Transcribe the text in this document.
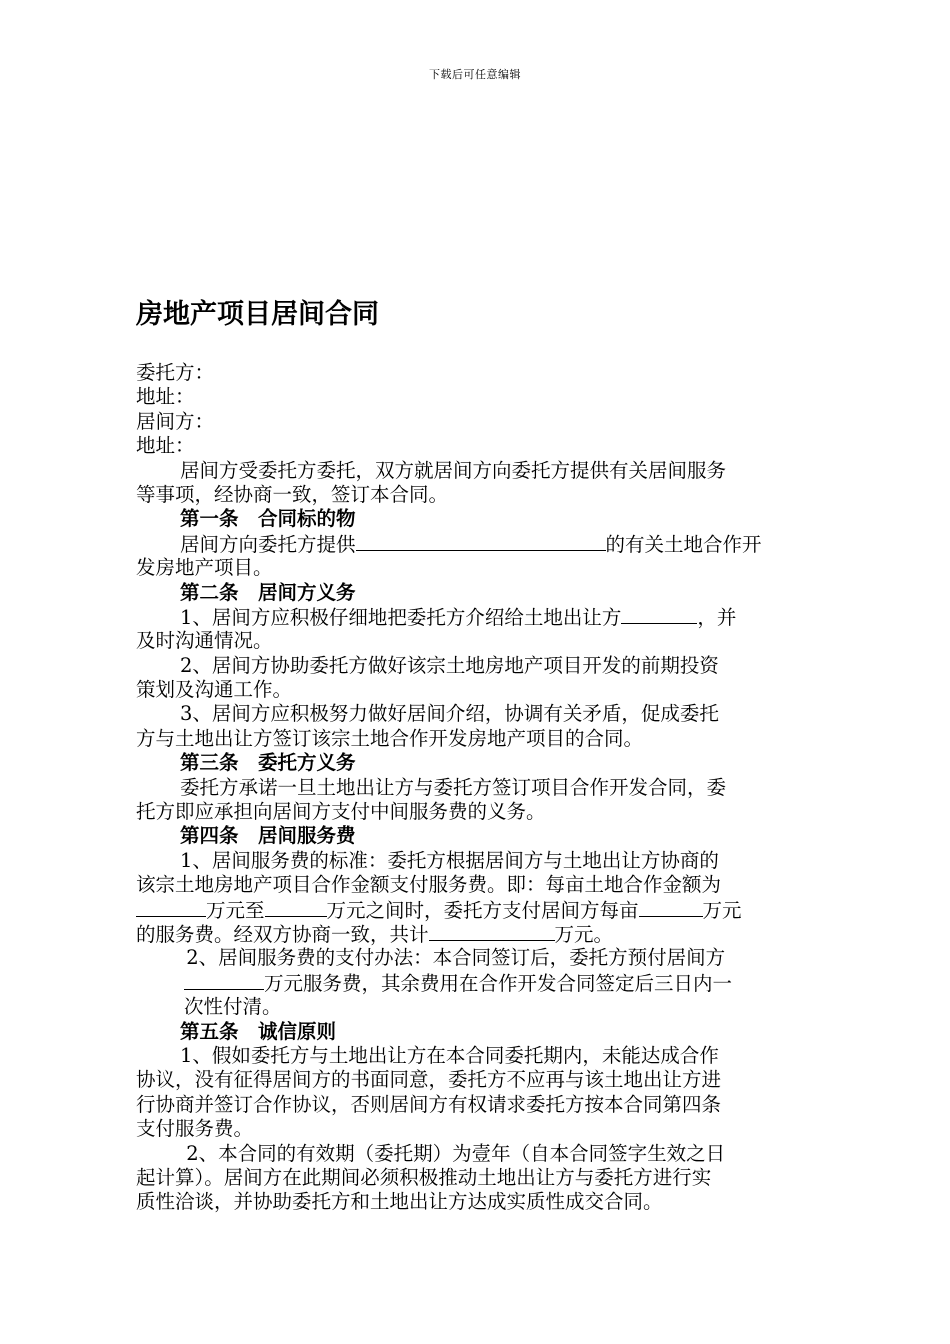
下载后可任意编辑
房地产项目居间合同
委托方：
地址：
居间方：
地址：
居间方受委托方委托，双方就居间方向委托方提供有关居间服务
等事项，经协商一致，签订本合同。
第一条　合同标的物
居间方向委托方提供	的有关土地合作开
发房地产项目。
第二条　居间方义务
1、居间方应积极仔细地把委托方介绍给土地出让方	，并
及时沟通情况。
2、居间方协助委托方做好该宗土地房地产项目开发的前期投资
策划及沟通工作。
3、居间方应积极努力做好居间介绍，协调有关矛盾，促成委托
方与土地出让方签订该宗土地合作开发房地产项目的合同。
第三条　委托方义务
委托方承诺一旦土地出让方与委托方签订项目合作开发合同，委
托方即应承担向居间方支付中间服务费的义务。
第四条　居间服务费
1、居间服务费的标准：委托方根据居间方与土地出让方协商的
该宗土地房地产项目合作金额支付服务费。即：每亩土地合作金额为
万元至	万元之间时，委托方支付居间方每亩	万元
的服务费。经双方协商一致，共计	万元。
2、居间服务费的支付办法：本合同签订后，委托方预付居间方
万元服务费，其余费用在合作开发合同签定后三日内一
次性付清。
第五条　诚信原则
1、假如委托方与土地出让方在本合同委托期内，未能达成合作
协议，没有征得居间方的书面同意，委托方不应再与该土地出让方进
行协商并签订合作协议，否则居间方有权请求委托方按本合同第四条
支付服务费。
2、本合同的有效期（委托期）为壹年（自本合同签字生效之日
起计算）。居间方在此期间必须积极推动土地出让方与委托方进行实
质性洽谈，并协助委托方和土地出让方达成实质性成交合同。
